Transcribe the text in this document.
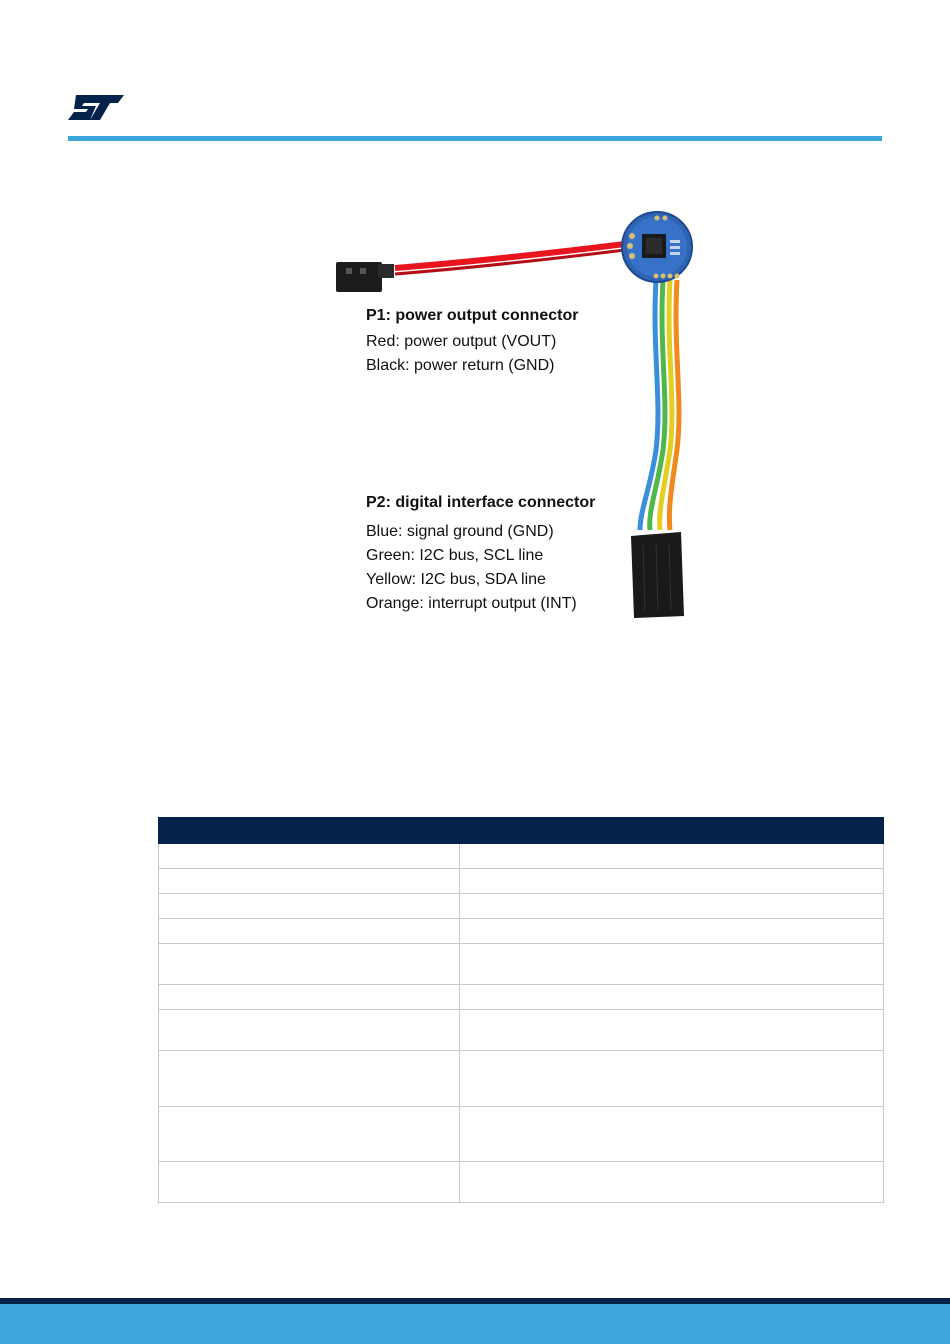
P1: power output connector
Red: power output (VOUT)
Black: power return (GND)
P2: digital interface connector
Blue: signal ground (GND)
Green: I2C bus, SCL line
Yellow: I2C bus, SDA line
Orange: interrupt output (INT)
